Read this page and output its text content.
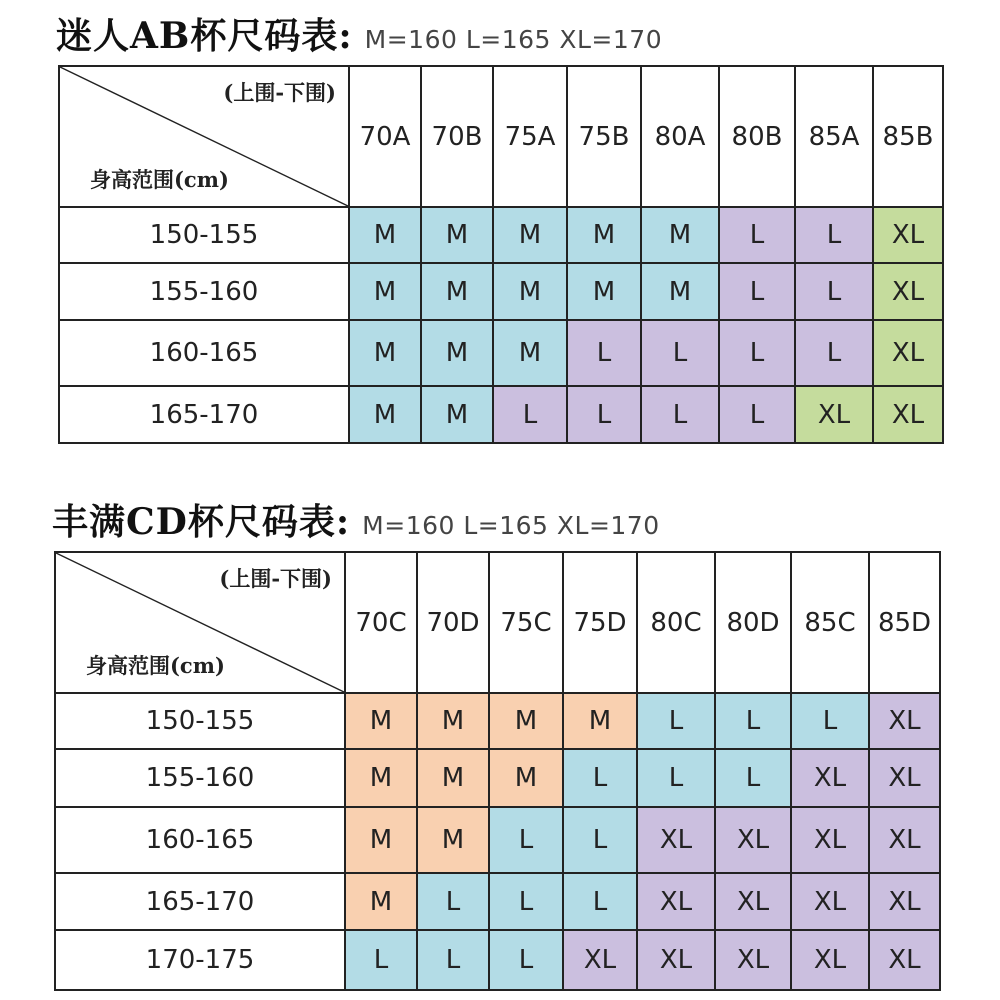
迷人AB杯尺码表: M=160 L=165 XL=170
(上围-下围)
身高范围(cm)	70A	70B	75A	75B	80A	80B	85A	85B
150-155	M	M	M	M	M	L	L	XL
155-160	M	M	M	M	M	L	L	XL
160-165	M	M	M	L	L	L	L	XL
165-170	M	M	L	L	L	L	XL	XL
丰满CD杯尺码表: M=160 L=165 XL=170
(上围-下围)
身高范围(cm)	70C	70D	75C	75D	80C	80D	85C	85D
150-155	M	M	M	M	L	L	L	XL
155-160	M	M	M	L	L	L	XL	XL
160-165	M	M	L	L	XL	XL	XL	XL
165-170	M	L	L	L	XL	XL	XL	XL
170-175	L	L	L	XL	XL	XL	XL	XL
